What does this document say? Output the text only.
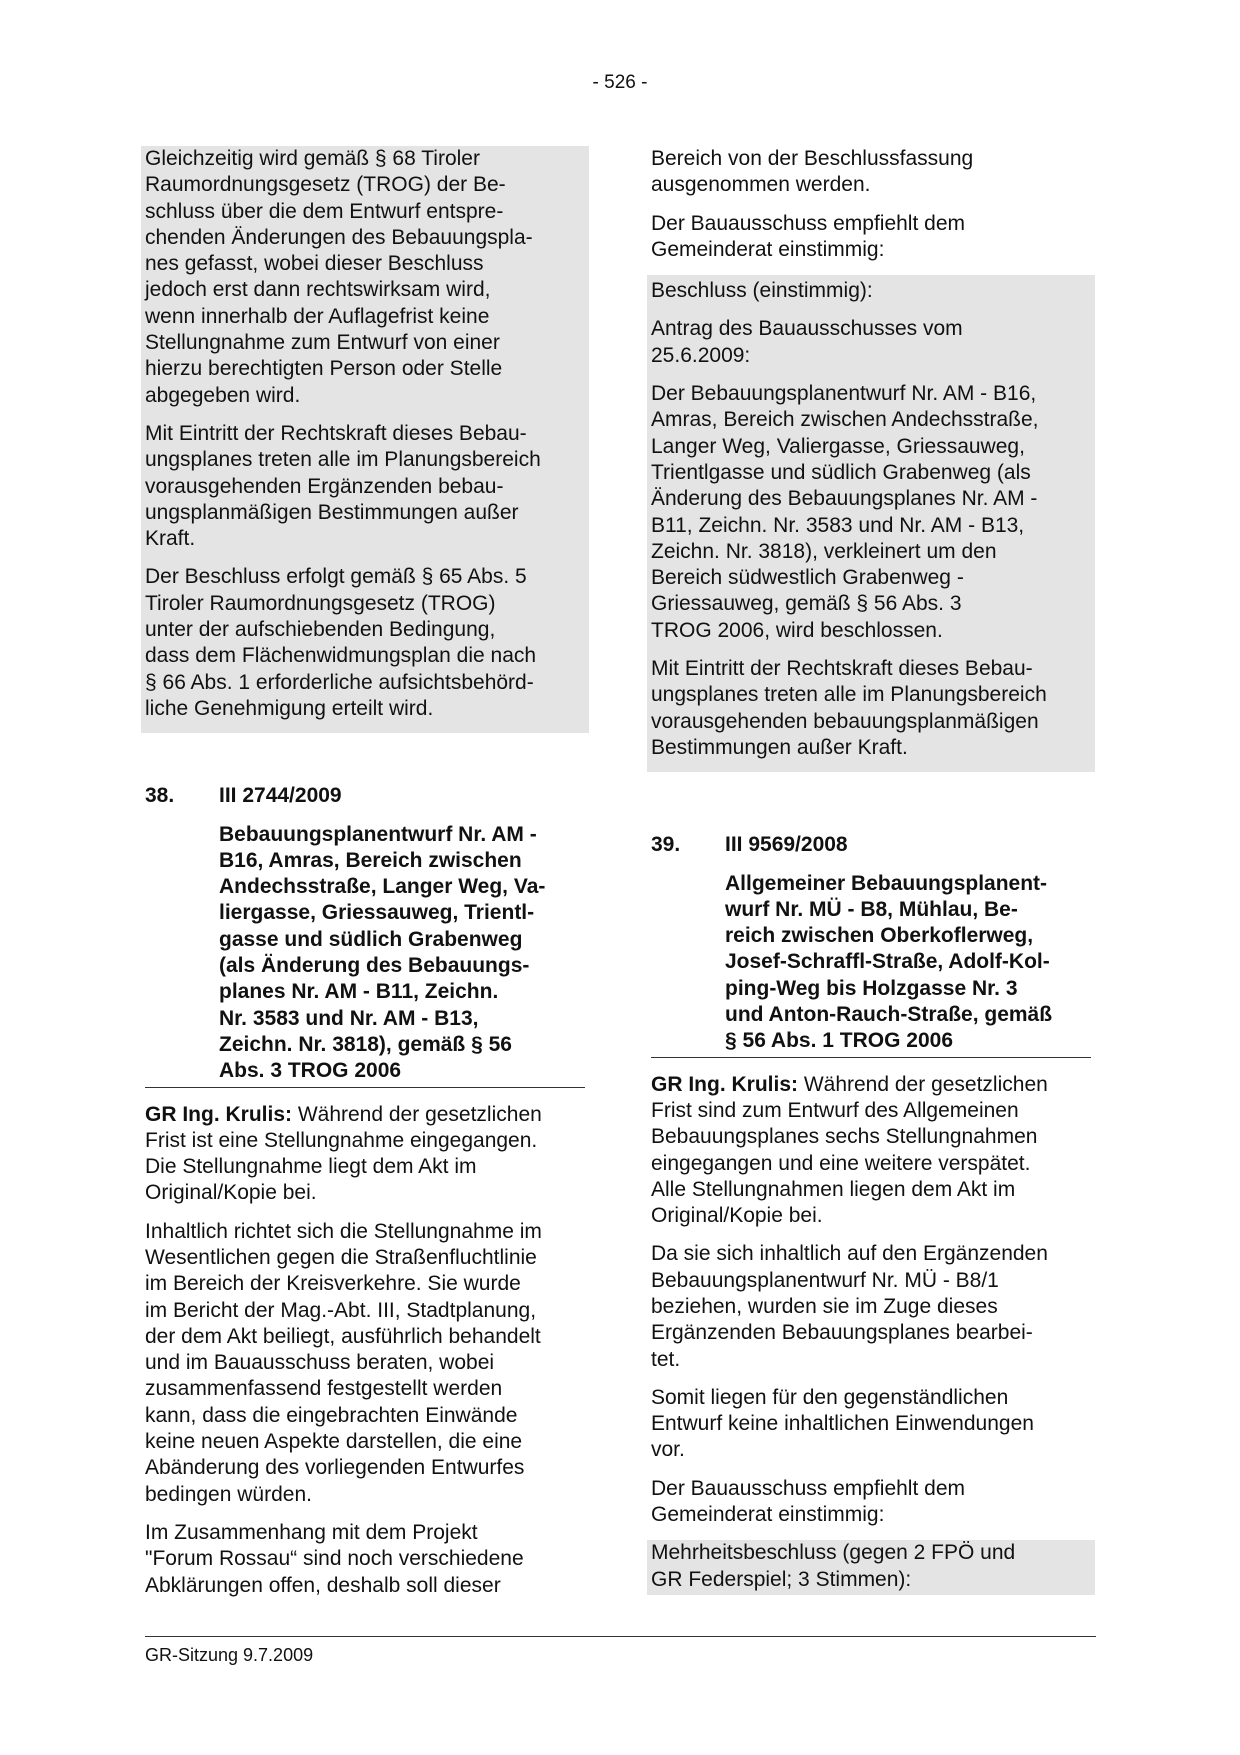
- 526 -

Gleichzeitig wird gemäß § 68 Tiroler
Raumordnungsgesetz (TROG) der Be-
schluss über die dem Entwurf entspre-
chenden Änderungen des Bebauungspla-
nes gefasst, wobei dieser Beschluss
jedoch erst dann rechtswirksam wird,
wenn innerhalb der Auflagefrist keine
Stellungnahme zum Entwurf von einer
hierzu berechtigten Person oder Stelle
abgegeben wird.

Mit Eintritt der Rechtskraft dieses Bebau-
ungsplanes treten alle im Planungsbereich
vorausgehenden Ergänzenden bebau-
ungsplanmäßigen Bestimmungen außer
Kraft.

Der Beschluss erfolgt gemäß § 65 Abs. 5
Tiroler Raumordnungsgesetz (TROG)
unter der aufschiebenden Bedingung,
dass dem Flächenwidmungsplan die nach
§ 66 Abs. 1 erforderliche aufsichtsbehörd-
liche Genehmigung erteilt wird.

38.	III 2744/2009
Bebauungsplanentwurf Nr. AM -
B16, Amras, Bereich zwischen
Andechsstraße, Langer Weg, Va-
liergasse, Griessauweg, Trientl-
gasse und südlich Grabenweg
(als Änderung des Bebauungs-
planes Nr. AM - B11, Zeichn.
Nr. 3583 und Nr. AM - B13,
Zeichn. Nr. 3818), gemäß § 56
Abs. 3 TROG 2006

GR Ing. Krulis: Während der gesetzlichen
Frist ist eine Stellungnahme eingegangen.
Die Stellungnahme liegt dem Akt im
Original/Kopie bei.

Inhaltlich richtet sich die Stellungnahme im
Wesentlichen gegen die Straßenfluchtlinie
im Bereich der Kreisverkehre. Sie wurde
im Bericht der Mag.-Abt. III, Stadtplanung,
der dem Akt beiliegt, ausführlich behandelt
und im Bauausschuss beraten, wobei
zusammenfassend festgestellt werden
kann, dass die eingebrachten Einwände
keine neuen Aspekte darstellen, die eine
Abänderung des vorliegenden Entwurfes
bedingen würden.

Im Zusammenhang mit dem Projekt
"Forum Rossau“ sind noch verschiedene
Abklärungen offen, deshalb soll dieser

Bereich von der Beschlussfassung
ausgenommen werden.

Der Bauausschuss empfiehlt dem
Gemeinderat einstimmig:

Beschluss (einstimmig):

Antrag des Bauausschusses vom
25.6.2009:

Der Bebauungsplanentwurf Nr. AM - B16,
Amras, Bereich zwischen Andechsstraße,
Langer Weg, Valiergasse, Griessauweg,
Trientlgasse und südlich Grabenweg (als
Änderung des Bebauungsplanes Nr. AM -
B11, Zeichn. Nr. 3583 und Nr. AM - B13,
Zeichn. Nr. 3818), verkleinert um den
Bereich südwestlich Grabenweg -
Griessauweg, gemäß § 56 Abs. 3
TROG 2006, wird beschlossen.

Mit Eintritt der Rechtskraft dieses Bebau-
ungsplanes treten alle im Planungsbereich
vorausgehenden bebauungsplanmäßigen
Bestimmungen außer Kraft.

39.	III 9569/2008
Allgemeiner Bebauungsplanent-
wurf Nr. MÜ - B8, Mühlau, Be-
reich zwischen Oberkoflerweg,
Josef-Schraffl-Straße, Adolf-Kol-
ping-Weg bis Holzgasse Nr. 3
und Anton-Rauch-Straße, gemäß
§ 56 Abs. 1 TROG 2006

GR Ing. Krulis: Während der gesetzlichen
Frist sind zum Entwurf des Allgemeinen
Bebauungsplanes sechs Stellungnahmen
eingegangen und eine weitere verspätet.
Alle Stellungnahmen liegen dem Akt im
Original/Kopie bei.

Da sie sich inhaltlich auf den Ergänzenden
Bebauungsplanentwurf Nr. MÜ - B8/1
beziehen, wurden sie im Zuge dieses
Ergänzenden Bebauungsplanes bearbei-
tet.

Somit liegen für den gegenständlichen
Entwurf keine inhaltlichen Einwendungen
vor.

Der Bauausschuss empfiehlt dem
Gemeinderat einstimmig:

Mehrheitsbeschluss (gegen 2 FPÖ und
GR Federspiel; 3 Stimmen):

GR-Sitzung 9.7.2009
